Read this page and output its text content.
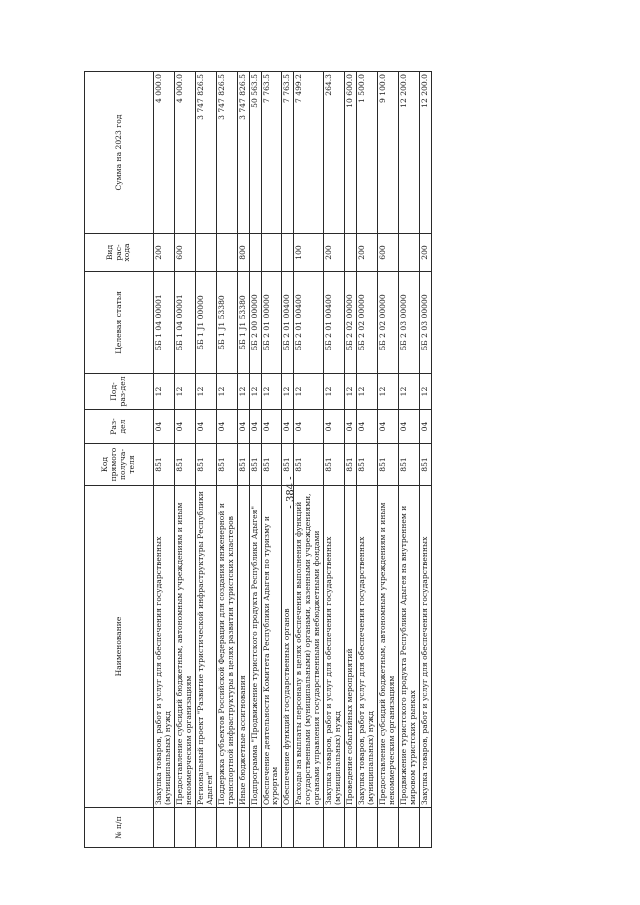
- 384 -
№ п/п	Наименование	Код прямого получа-теля	Раз-дел	Под-раз-дел	Целевая статья	Вид рас-хода	Сумма на 2023 год
	Закупка товаров, работ и услуг для обеспечения государственных (муниципальных) нужд	851	04	12	5Б 1 04 00001	200	4 000.0
	Предоставление субсидий бюджетным, автономным учреждениям и иным некоммерческим организациям	851	04	12	5Б 1 04 00001	600	4 000.0
	Региональный проект "Развитие туристической инфраструктуры Республики Адыгея"	851	04	12	5Б 1 J1 00000		3 747 826.5
	Поддержка субъектов Российской Федерации для создания инженерной и транспортной инфраструктуры в целях развития туристских кластеров	851	04	12	5Б 1 J1 53380		3 747 826.5
	Иные бюджетные ассигнования	851	04	12	5Б 1 J1 53380	800	3 747 826.5
	Подпрограмма "Продвижение туристского продукта Республики Адыгея"	851	04	12	5Б 2 00 00000		50 563.5
	Обеспечение деятельности Комитета Республики Адыгея по туризму и курортам	851	04	12	5Б 2 01 00000		7 763.5
	Обеспечение функций государственных органов	851	04	12	5Б 2 01 00400		7 763.5
	Расходы на выплаты персоналу в целях обеспечения выполнения функций государственными (муниципальными) органами, казенными учреждениями, органами управления государственными внебюджетными фондами	851	04	12	5Б 2 01 00400	100	7 499.2
	Закупка товаров, работ и услуг для обеспечения государственных (муниципальных) нужд	851	04	12	5Б 2 01 00400	200	264.3
	Проведение событийных мероприятий	851	04	12	5Б 2 02 00000		10 600.0
	Закупка товаров, работ и услуг для обеспечения государственных (муниципальных) нужд	851	04	12	5Б 2 02 00000	200	1 500.0
	Предоставление субсидий бюджетным, автономным учреждениям и иным некоммерческим организациям	851	04	12	5Б 2 02 00000	600	9 100.0
	Продвижение туристского продукта Республики Адыгея на внутреннем и мировом туристских рынках	851	04	12	5Б 2 03 00000		12 200.0
	Закупка товаров, работ и услуг для обеспечения государственных	851	04	12	5Б 2 03 00000	200	12 200.0
